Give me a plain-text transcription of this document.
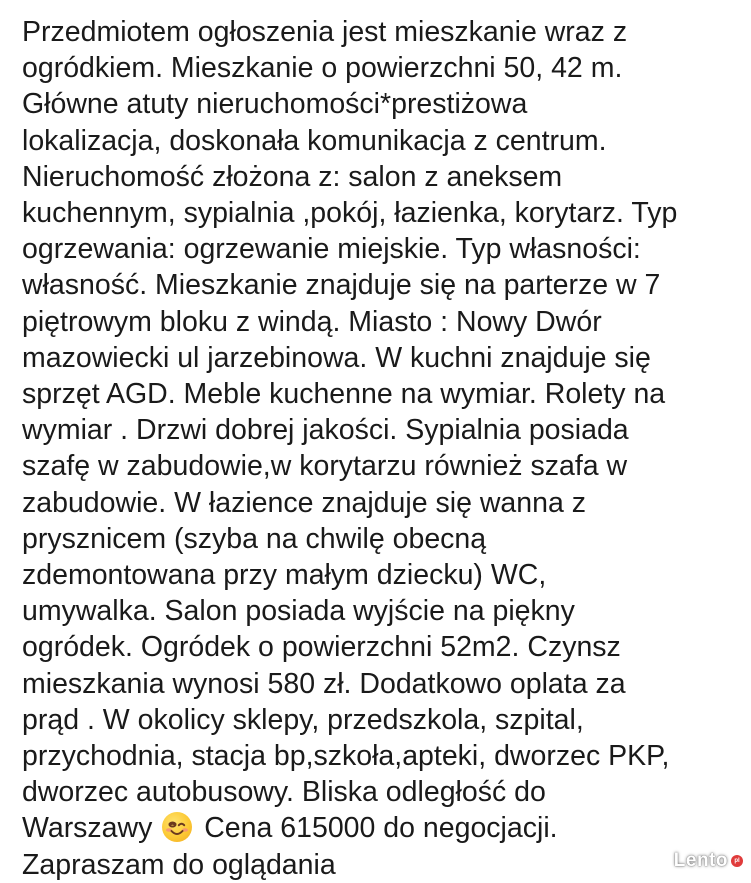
Przedmiotem ogłoszenia jest mieszkanie wraz z
ogródkiem. Mieszkanie o powierzchni 50, 42 m.
Główne atuty nieruchomości*prestiżowa
lokalizacja, doskonała komunikacja z centrum.
Nieruchomość złożona z: salon z aneksem
kuchennym, sypialnia ,pokój, łazienka, korytarz. Typ
ogrzewania: ogrzewanie miejskie. Typ własności:
własność. Mieszkanie znajduje się na parterze w 7
piętrowym bloku z windą. Miasto : Nowy Dwór
mazowiecki ul jarzebinowa. W kuchni znajduje się
sprzęt AGD. Meble kuchenne na wymiar. Rolety na
wymiar . Drzwi dobrej jakości. Sypialnia posiada
szafę w zabudowie,w korytarzu również szafa w
zabudowie. W łazience znajduje się wanna z
prysznicem (szyba na chwilę obecną
zdemontowana przy małym dziecku) WC,
umywalka. Salon posiada wyjście na piękny
ogródek. Ogródek o powierzchni 52m2. Czynsz
mieszkania wynosi 580 zł. Dodatkowo oplata za
prąd . W okolicy sklepy, przedszkola, szpital,
przychodnia, stacja bp,szkoła,apteki, dworzec PKP,
dworzec autobusowy. Bliska odległość do
Warszawy
Cena 615000 do negocjacji.
Zapraszam do oglądania	Lento	pl
